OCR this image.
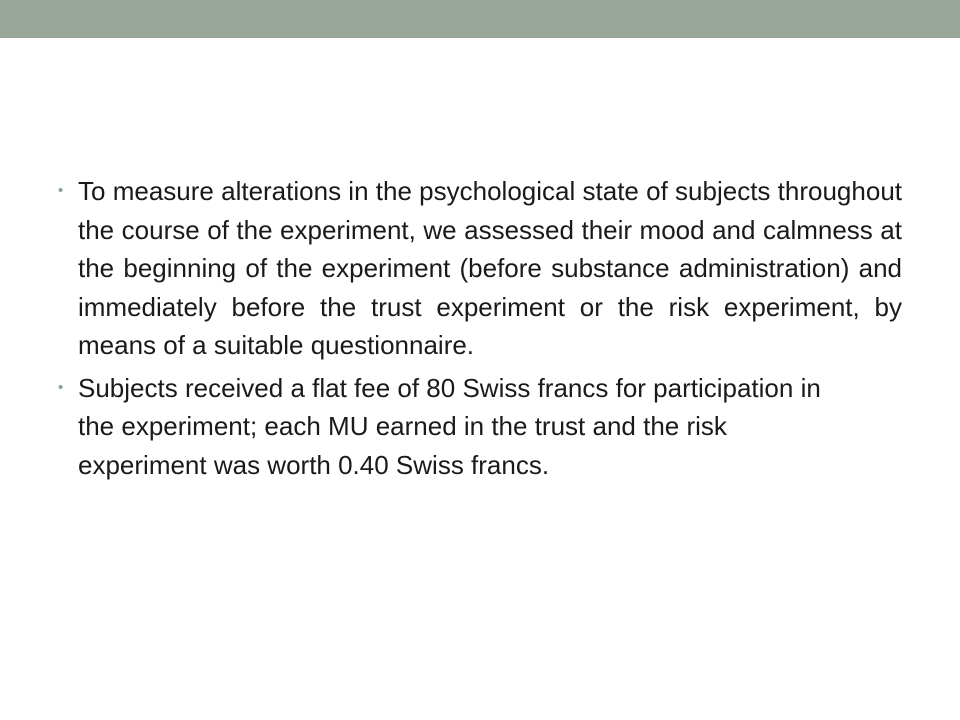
• To measure alterations in the psychological state of subjects throughout the course of the experiment, we assessed their mood and calmness at the beginning of the experiment (before substance administration) and immediately before the trust experiment or the risk experiment, by means of a suitable questionnaire.
• Subjects received a flat fee of 80 Swiss francs for participation in the experiment; each MU earned in the trust and the risk experiment was worth 0.40 Swiss francs.
